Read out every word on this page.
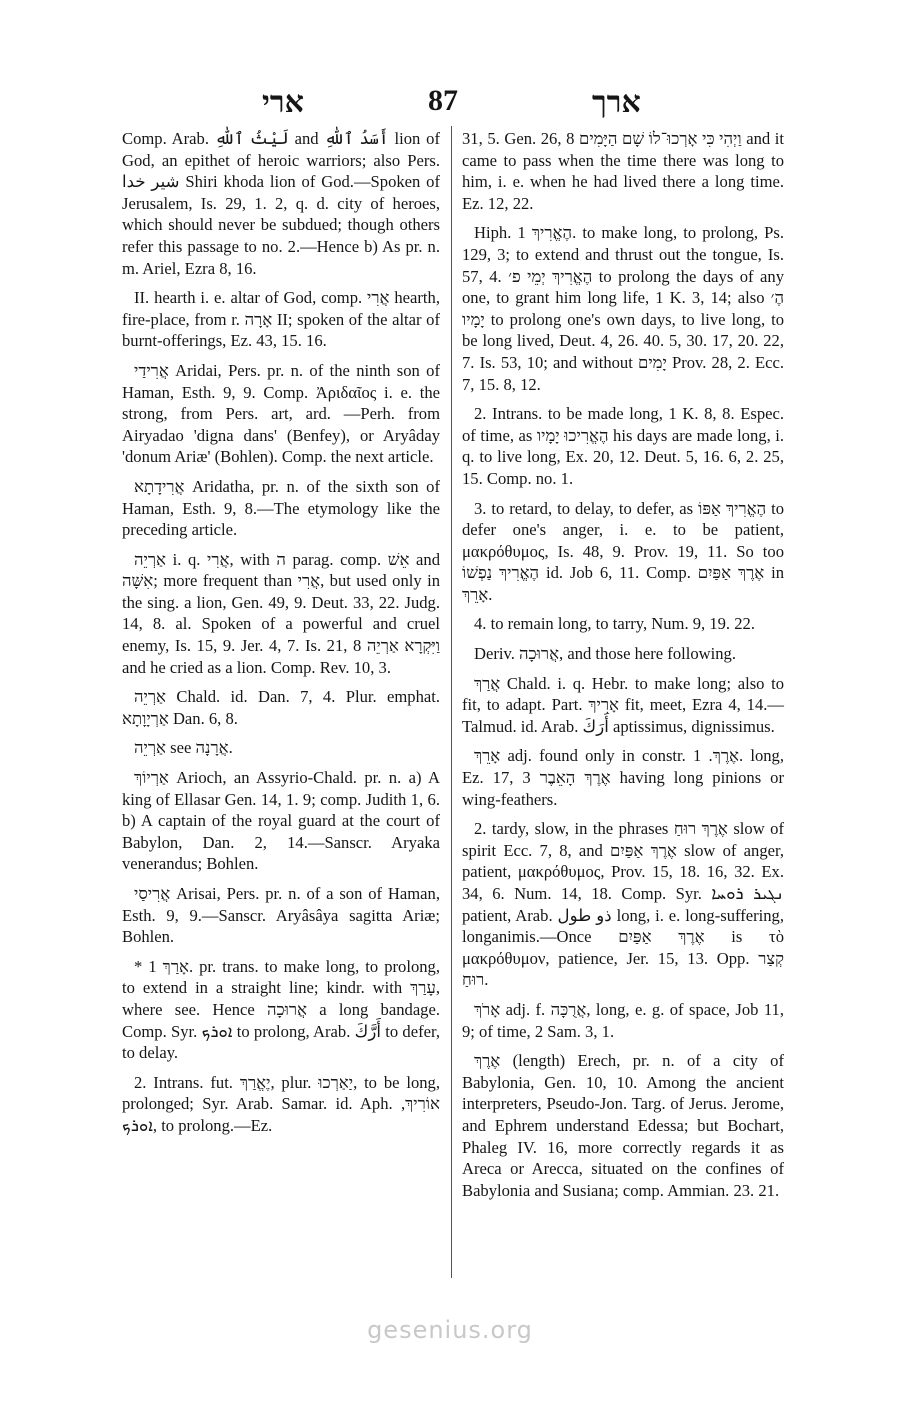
ארי	87	ארך

Comp. Arab. لَيْثُ ٱللّٰهِ and أَسَدُ ٱللّٰهِ lion of God, an epithet of heroic warriors; also Pers. شیر خدا Shiri khoda lion of God.—Spoken of Jerusalem, Is. 29, 1. 2, q. d. city of heroes, which should never be subdued; though others refer this passage to no. 2.—Hence b) As pr. n. m. Ariel, Ezra 8, 16.

II. hearth i. e. altar of God, comp. אֲרִי hearth, fire-place, from r. אָרָה II; spoken of the altar of burnt-offerings, Ez. 43, 15. 16.

אֲרִידַי Aridai, Pers. pr. n. of the ninth son of Haman, Esth. 9, 9. Comp. Ἀριδαῖος i. e. the strong, from Pers. art, ard. —Perh. from Airyadao 'digna dans' (Benfey), or Aryâday 'donum Ariæ' (Bohlen). Comp. the next article.

אֲרִידָתָא Aridatha, pr. n. of the sixth son of Haman, Esth. 9, 8.—The etymology like the preceding article.

אַרְיֵה i. q. אֲרִי, with ה parag. comp. אֵשׁ and אִשָּׁה; more frequent than אֲרִי, but used only in the sing. a lion, Gen. 49, 9. Deut. 33, 22. Judg. 14, 8. al. Spoken of a powerful and cruel enemy, Is. 15, 9. Jer. 4, 7. Is. 21, 8 וַיִּקְרָא אַרְיֵה and he cried as a lion. Comp. Rev. 10, 3.

אַרְיֵה Chald. id. Dan. 7, 4. Plur. emphat. אַרְיָוָתָא Dan. 6, 8.

אַרְיֵה see אֲרָנָה.

אַרְיוֹךְ Arioch, an Assyrio-Chald. pr. n. a) A king of Ellasar Gen. 14, 1. 9; comp. Judith 1, 6. b) A captain of the royal guard at the court of Babylon, Dan. 2, 14.—Sanscr. Aryaka venerandus; Bohlen.

אֲרִיסַי Arisai, Pers. pr. n. of a son of Haman, Esth. 9, 9.—Sanscr. Aryâsâya sagitta Ariæ; Bohlen.

* אָרַךְ 1. pr. trans. to make long, to prolong, to extend in a straight line; kindr. with עָרַךְ, where see. Hence אֲרוּכָה a long bandage. Comp. Syr. ܐܘܪܟ to prolong, Arab. أَرَّكَ to defer, to delay.

2. Intrans. fut. יֶאֱרַךְ, plur. יַאַרְכוּ, to be long, prolonged; Syr. Arab. Samar. id. Aph. אוֹרִיךְ, ܐܘܪܟ, to prolong.—Ez.

31, 5. Gen. 26, 8 וַיְהִי כִּי אָרְכוּ־לוֹ שָׁם הַיָּמִים and it came to pass when the time there was long to him, i. e. when he had lived there a long time. Ez. 12, 22.

Hiph. הֶאֱרִיךְ 1. to make long, to prolong, Ps. 129, 3; to extend and thrust out the tongue, Is. 57, 4. הֶאֱרִיךְ יְמֵי פ׳ to prolong the days of any one, to grant him long life, 1 K. 3, 14; also הֶ׳ יָמָיו to prolong one's own days, to live long, to be long lived, Deut. 4, 26. 40. 5, 30. 17, 20. 22, 7. Is. 53, 10; and without יָמִים Prov. 28, 2. Ecc. 7, 15. 8, 12.

2. Intrans. to be made long, 1 K. 8, 8. Espec. of time, as הֶאֱרִיכוּ יָמָיו his days are made long, i. q. to live long, Ex. 20, 12. Deut. 5, 16. 6, 2. 25, 15. Comp. no. 1.

3. to retard, to delay, to defer, as הֶאֱרִיךְ אַפּוֹ to defer one's anger, i. e. to be patient, μακρόθυμος, Is. 48, 9. Prov. 19, 11. So too הֶאֱרִיךְ נַפְשׁוֹ id. Job 6, 11. Comp. אֶרֶךְ אַפַּיִם in אָרֵךְ.

4. to remain long, to tarry, Num. 9, 19. 22.

Deriv. אֲרוּכָה, and those here following.

אֲרַךְ Chald. i. q. Hebr. to make long; also to fit, to adapt. Part. אָרִיךְ fit, meet, Ezra 4, 14.—Talmud. id. Arab. أَرَكَ aptissimus, dignissimus.

אָרֵךְ adj. found only in constr. אֶרֶךְ. 1. long, Ez. 17, 3 אֶרֶךְ הָאֵבֶר having long pinions or wing-feathers.

2. tardy, slow, in the phrases אֶרֶךְ רוּחַ slow of spirit Ecc. 7, 8, and אֶרֶךְ אַפַּיִם slow of anger, patient, μακρόθυμος, Prov. 15, 18. 16, 32. Ex. 34, 6. Num. 14, 18. Comp. Syr. ܢܓܝܪ ܪܘܚܐ patient, Arab. ذو طول long, i. e. long-suffering, longanimis.—Once אֶרֶךְ אַפַּיִם is τὸ μακρόθυμον, patience, Jer. 15, 13. Opp. קְצַר רוּחַ.

אָרֹךְ adj. f. אֲרֻכָּה, long, e. g. of space, Job 11, 9; of time, 2 Sam. 3, 1.

אֶרֶךְ (length) Erech, pr. n. of a city of Babylonia, Gen. 10, 10. Among the ancient interpreters, Pseudo-Jon. Targ. of Jerus. Jerome, and Ephrem understand Edessa; but Bochart, Phaleg IV. 16, more correctly regards it as Areca or Arecca, situated on the confines of Babylonia and Susiana; comp. Ammian. 23. 21.

gesenius.org
